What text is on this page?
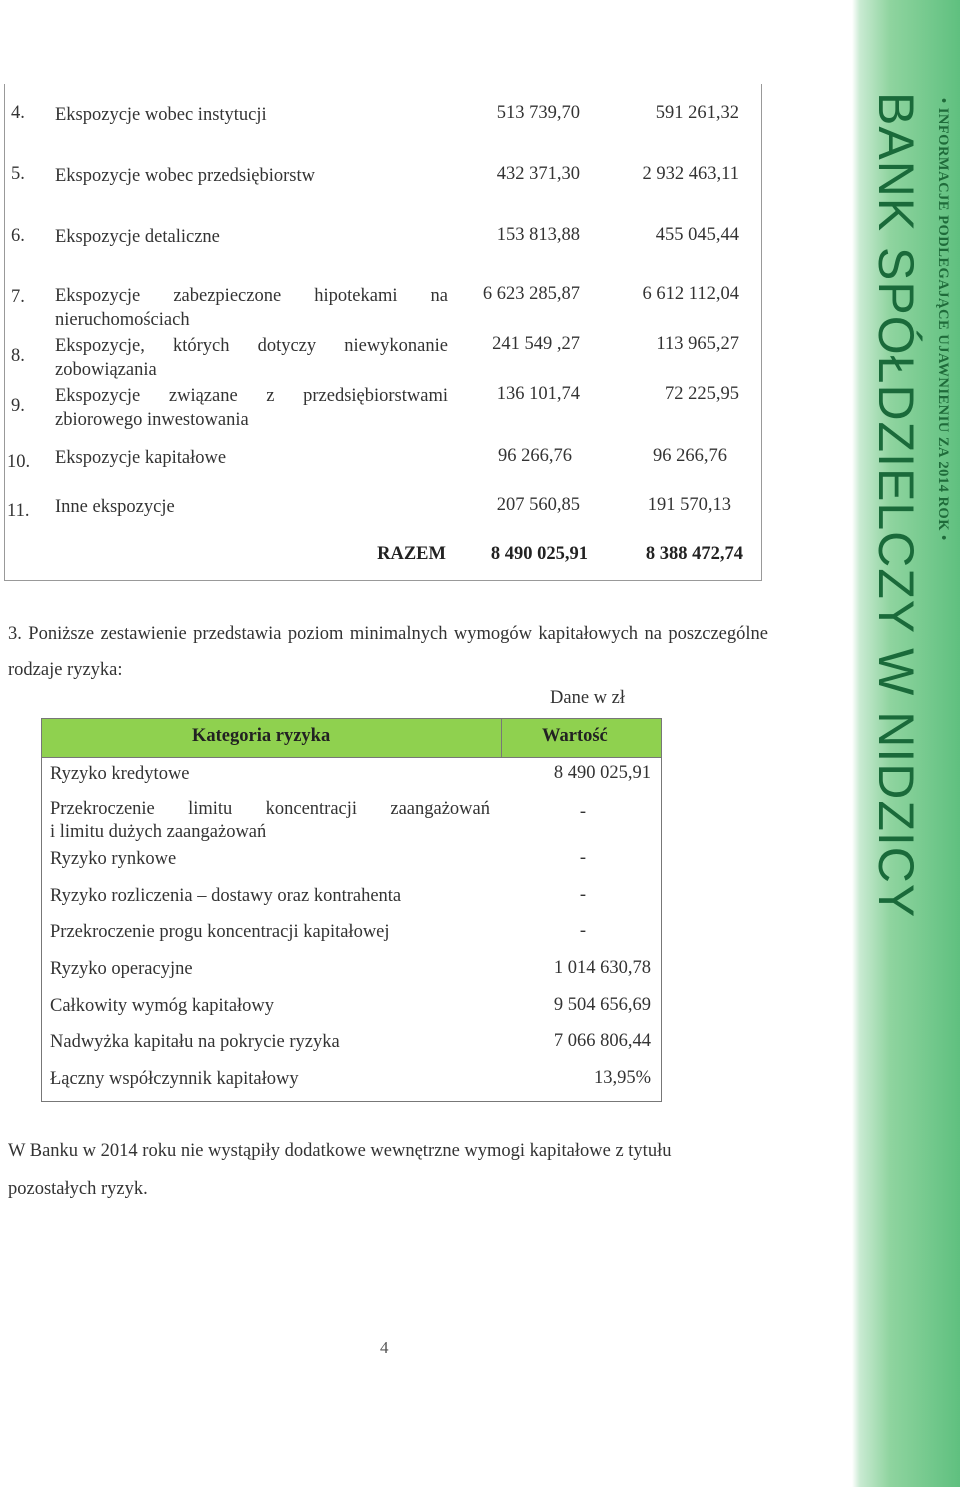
4. Ekspozycje wobec instytucji	513 739,70	591 261,32
5. Ekspozycje wobec przedsiębiorstw	432 371,30	2 932 463,11
6. Ekspozycje detaliczne	153 813,88	455 045,44
7. Ekspozycje zabezpieczone hipotekami na
nieruchomościach
6 623 285,87	6 612 112,04
8. Ekspozycje, których dotyczy niewykonanie
zobowiązania
241 549 ,27	113 965,27
9. Ekspozycje związane z przedsiębiorstwami
zbiorowego inwestowania
136 101,74	72 225,95
10. Ekspozycje kapitałowe	96 266,76	96 266,76
11. Inne ekspozycje	207 560,85	191 570,13
RAZEM 8 490 025,91	8 388 472,74
3. Poniższe zestawienie przedstawia poziom minimalnych wymogów kapitałowych na poszczególne rodzaje ryzyka:
Dane w zł
Kategoria ryzyka	Wartość
Ryzyko kredytowe	8 490 025,91
Przekroczenie limitu koncentracji zaangażowań
i limitu dużych zaangażowań
-
Ryzyko rynkowe	-
Ryzyko rozliczenia – dostawy oraz kontrahenta	-
Przekroczenie progu koncentracji kapitałowej	-
Ryzyko operacyjne	1 014 630,78
Całkowity wymóg kapitałowy	9 504 656,69
Nadwyżka kapitału na pokrycie ryzyka	7 066 806,44
Łączny współczynnik kapitałowy	13,95%
W Banku w 2014 roku nie wystąpiły dodatkowe wewnętrzne wymogi kapitałowe z tytułu pozostałych ryzyk.
4
BANK SPÓŁDZIELCZY W NIDZICY • INFORMACJE PODLEGAJĄCE UJAWNIENIU ZA 2014 ROK •
